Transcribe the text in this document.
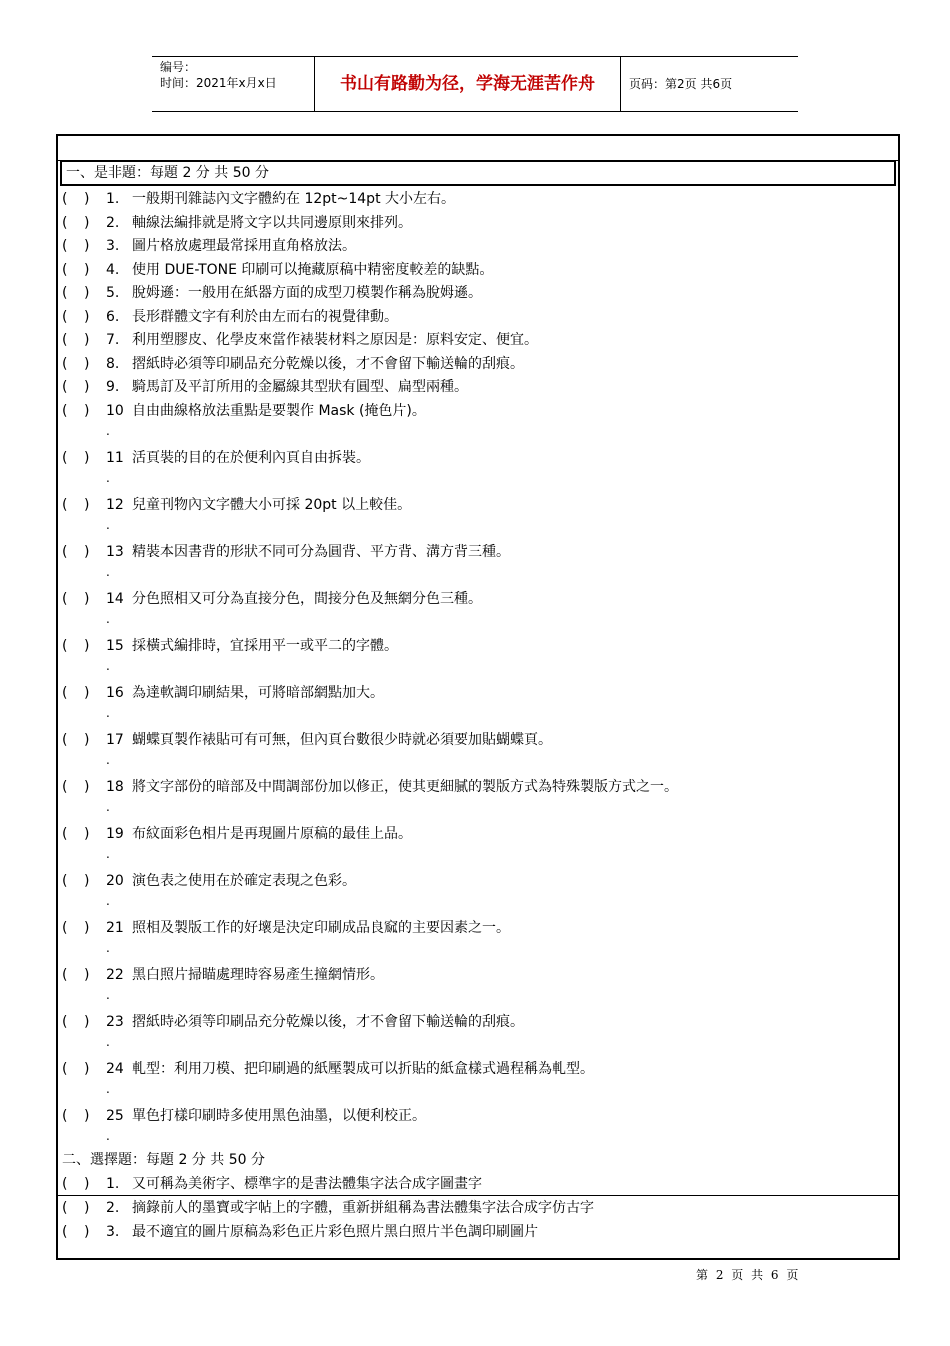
编号：
时间：2021年x月x日	书山有路勤为径，学海无涯苦作舟	页码：第2页 共6页
一、是非題：每題 2 分 共 50 分
( ) 1. 一般期刊雜誌內文字體約在 12pt~14pt 大小左右。
( ) 2. 軸線法編排就是將文字以共同邊原則來排列。
( ) 3. 圖片格放處理最常採用直角格放法。
( ) 4. 使用 DUE-TONE 印刷可以掩藏原稿中精密度較差的缺點。
( ) 5. 脫姆遜：一般用在紙器方面的成型刀模製作稱為脫姆遜。
( ) 6. 長形群體文字有利於由左而右的視覺律動。
( ) 7. 利用塑膠皮、化學皮來當作裱裝材料之原因是：原料安定、便宜。
( ) 8. 摺紙時必須等印刷品充分乾燥以後，才不會留下輸送輪的刮痕。
( ) 9. 騎馬訂及平訂所用的金屬線其型狀有圓型、扁型兩種。
( ) 10 自由曲線格放法重點是要製作 Mask (掩色片)。
.
( ) 11 活頁裝的目的在於便利內頁自由拆裝。
.
( ) 12 兒童刊物內文字體大小可採 20pt 以上較佳。
.
( ) 13 精裝本因書背的形狀不同可分為圓背、平方背、溝方背三種。
.
( ) 14 分色照相又可分為直接分色，間接分色及無網分色三種。
.
( ) 15 採橫式編排時，宜採用平一或平二的字體。
.
( ) 16 為達軟調印刷結果，可將暗部網點加大。
.
( ) 17 蝴蝶頁製作裱貼可有可無，但內頁台數很少時就必須要加貼蝴蝶頁。
.
( ) 18 將文字部份的暗部及中間調部份加以修正，使其更細膩的製版方式為特殊製版方式之一。
.
( ) 19 布紋面彩色相片是再現圖片原稿的最佳上品。
.
( ) 20 演色表之使用在於確定表現之色彩。
.
( ) 21 照相及製版工作的好壞是決定印刷成品良窳的主要因素之一。
.
( ) 22 黑白照片掃瞄處理時容易產生撞網情形。
.
( ) 23 摺紙時必須等印刷品充分乾燥以後，才不會留下輸送輪的刮痕。
.
( ) 24 軋型：利用刀模、把印刷過的紙壓製成可以折貼的紙盒樣式過程稱為軋型。
.
( ) 25 單色打樣印刷時多使用黑色油墨，以便利校正。
.
二、選擇題：每題 2 分 共 50 分
( ) 1. 又可稱為美術字、標準字的是書法體集字法合成字圖畫字
( ) 2. 摘錄前人的墨寶或字帖上的字體，重新拼組稱為書法體集字法合成字仿古字
( ) 3. 最不適宜的圖片原稿為彩色正片彩色照片黑白照片半色調印刷圖片
第 2 页 共 6 页
